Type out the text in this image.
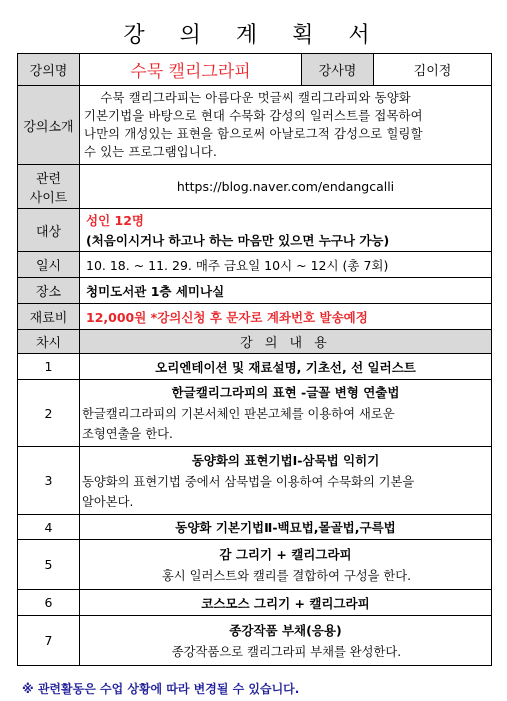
강 의 계 획 서
강의명	수묵 캘리그라피	강사명	김이정
강의소개	수묵 캘리그라피는 아름다운 멋글씨 캘리그라피와 동양화
기본기법을 바탕으로 현대 수묵화 감성의 일러스트를 접목하여
나만의 개성있는 표현을 함으로써 아날로그적 감성으로 힐링할
수 있는 프로그램입니다.		

관련
사이트	https://blog.naver.com/endangcalli		
대상	성인 12명
(처음이시거나 하고나 하는 마음만 있으면 누구나 가능)		

일시	10. 18. ~ 11. 29. 매주 금요일 10시 ~ 12시 (총 7회)		
장소	청미도서관 1층 세미나실		
재료비	12,000원 *강의신청 후 문자로 계좌번호 발송예정		
차시	강 의 내 용		
1	오리엔테이션 및 재료설명, 기초선, 선 일러스트		
2	한글캘리그라피의 표현 -글꼴 변형 연출법
한글캘리그라피의 기본서체인 판본고체를 이용하여 새로운
조형연출을 한다.		

3	동양화의 표현기법Ⅰ-삼묵법 익히기
동양화의 표현기법 중에서 삼묵법을 이용하여 수묵화의 기본을
알아본다.		

4	동양화 기본기법Ⅱ-백묘법,몰골법,구륵법		
5	감 그리기 + 캘리그라피
홍시 일러스트와 캘리를 결합하여 구성을 한다.		

6	코스모스 그리기 + 캘리그라피		
7	종강작품 부채(응용)
종강작품으로 캘리그라피 부채를 완성한다.		
※ 관련활동은 수업 상황에 따라 변경될 수 있습니다.
